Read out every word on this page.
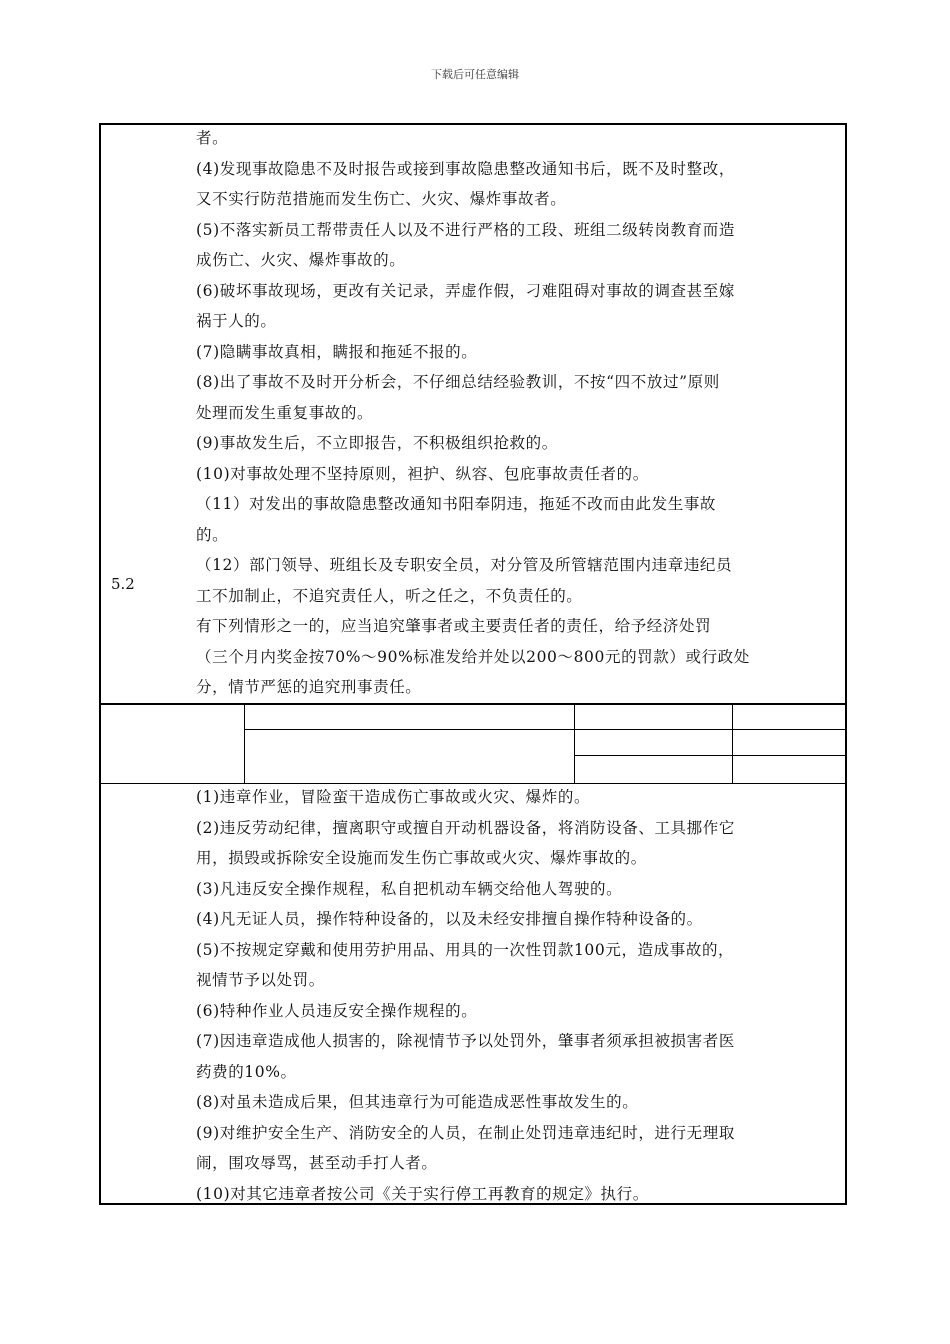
下载后可任意编辑

者。

(4)发现事故隐患不及时报告或接到事故隐患整改通知书后，既不及时整改，

又不实行防范措施而发生伤亡、火灾、爆炸事故者。

(5)不落实新员工帮带责任人以及不进行严格的工段、班组二级转岗教育而造

成伤亡、火灾、爆炸事故的。

(6)破坏事故现场，更改有关记录，弄虚作假，刁难阻碍对事故的调查甚至嫁

祸于人的。

(7)隐瞒事故真相，瞒报和拖延不报的。

(8)出了事故不及时开分析会，不仔细总结经验教训，不按“四不放过”原则

处理而发生重复事故的。

(9)事故发生后，不立即报告，不积极组织抢救的。

(10)对事故处理不坚持原则，袒护、纵容、包庇事故责任者的。

（11）对发出的事故隐患整改通知书阳奉阴违，拖延不改而由此发生事故

的。

（12）部门领导、班组长及专职安全员，对分管及所管辖范围内违章违纪员

工不加制止，不追究责任人，听之任之，不负责任的。

有下列情形之一的，应当追究肇事者或主要责任者的责任，给予经济处罚

（三个月内奖金按70%～90%标准发给并处以200～800元的罚款）或行政处

分，情节严惩的追究刑事责任。

5.2

(1)违章作业，冒险蛮干造成伤亡事故或火灾、爆炸的。

(2)违反劳动纪律，擅离职守或擅自开动机器设备，将消防设备、工具挪作它

用，损毁或拆除安全设施而发生伤亡事故或火灾、爆炸事故的。

(3)凡违反安全操作规程，私自把机动车辆交给他人驾驶的。

(4)凡无证人员，操作特种设备的，以及未经安排擅自操作特种设备的。

(5)不按规定穿戴和使用劳护用品、用具的一次性罚款100元，造成事故的，

视情节予以处罚。

(6)特种作业人员违反安全操作规程的。

(7)因违章造成他人损害的，除视情节予以处罚外，肇事者须承担被损害者医

药费的10%。

(8)对虽未造成后果，但其违章行为可能造成恶性事故发生的。

(9)对维护安全生产、消防安全的人员，在制止处罚违章违纪时，进行无理取

闹，围攻辱骂，甚至动手打人者。

(10)对其它违章者按公司《关于实行停工再教育的规定》执行。
